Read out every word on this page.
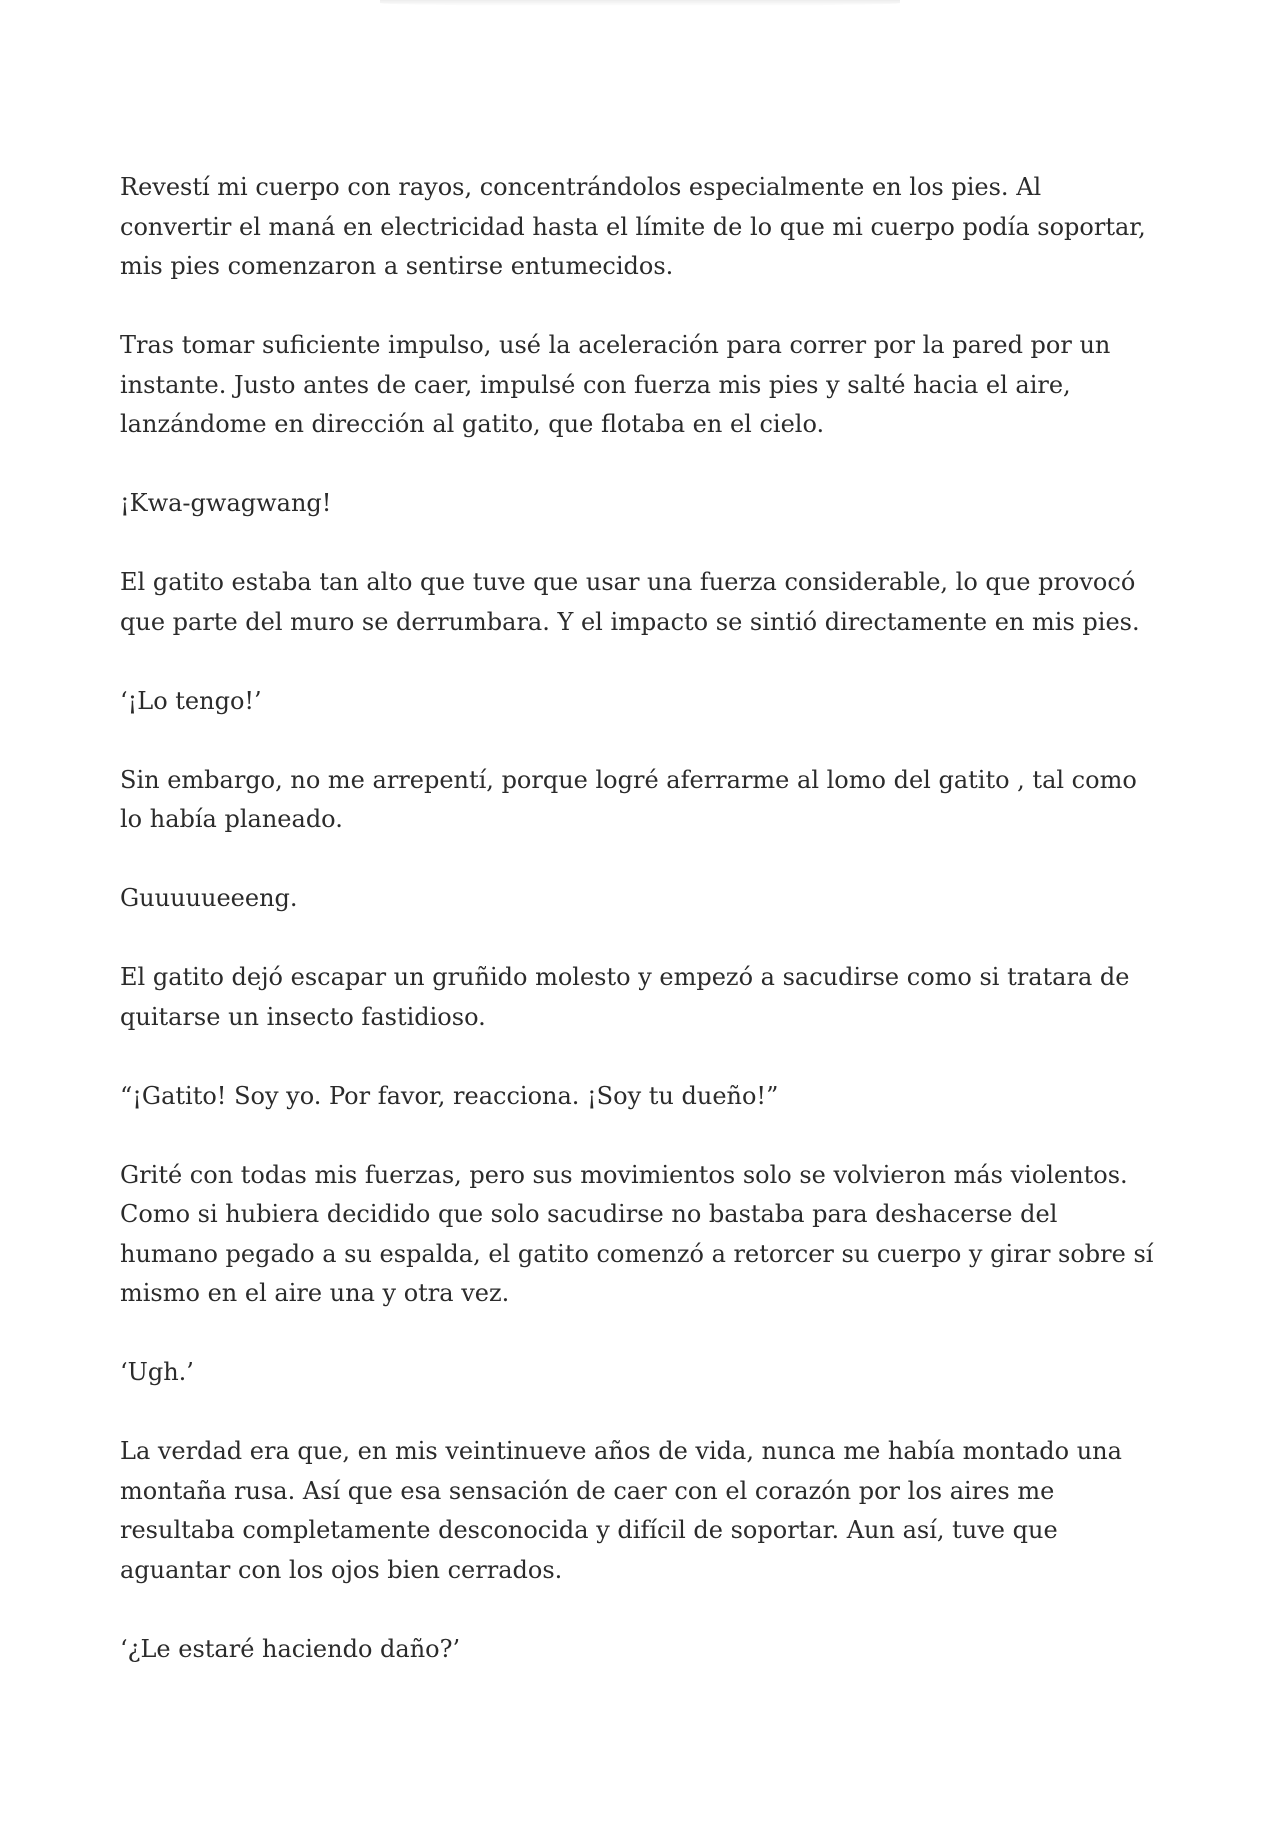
Revestí mi cuerpo con rayos, concentrándolos especialmente en los pies. Al convertir el maná en electricidad hasta el límite de lo que mi cuerpo podía soportar, mis pies comenzaron a sentirse entumecidos.

Tras tomar suficiente impulso, usé la aceleración para correr por la pared por un instante. Justo antes de caer, impulsé con fuerza mis pies y salté hacia el aire, lanzándome en dirección al gatito, que flotaba en el cielo.

¡Kwa-gwagwang!

El gatito estaba tan alto que tuve que usar una fuerza considerable, lo que provocó que parte del muro se derrumbara. Y el impacto se sintió directamente en mis pies.

‘¡Lo tengo!’

Sin embargo, no me arrepentí, porque logré aferrarme al lomo del gatito , tal como lo había planeado.

Guuuuueeeng.

El gatito dejó escapar un gruñido molesto y empezó a sacudirse como si tratara de quitarse un insecto fastidioso.

“¡Gatito! Soy yo. Por favor, reacciona. ¡Soy tu dueño!”

Grité con todas mis fuerzas, pero sus movimientos solo se volvieron más violentos. Como si hubiera decidido que solo sacudirse no bastaba para deshacerse del humano pegado a su espalda, el gatito comenzó a retorcer su cuerpo y girar sobre sí mismo en el aire una y otra vez.

‘Ugh.’

La verdad era que, en mis veintinueve años de vida, nunca me había montado una montaña rusa. Así que esa sensación de caer con el corazón por los aires me resultaba completamente desconocida y difícil de soportar. Aun así, tuve que aguantar con los ojos bien cerrados.

‘¿Le estaré haciendo daño?’
